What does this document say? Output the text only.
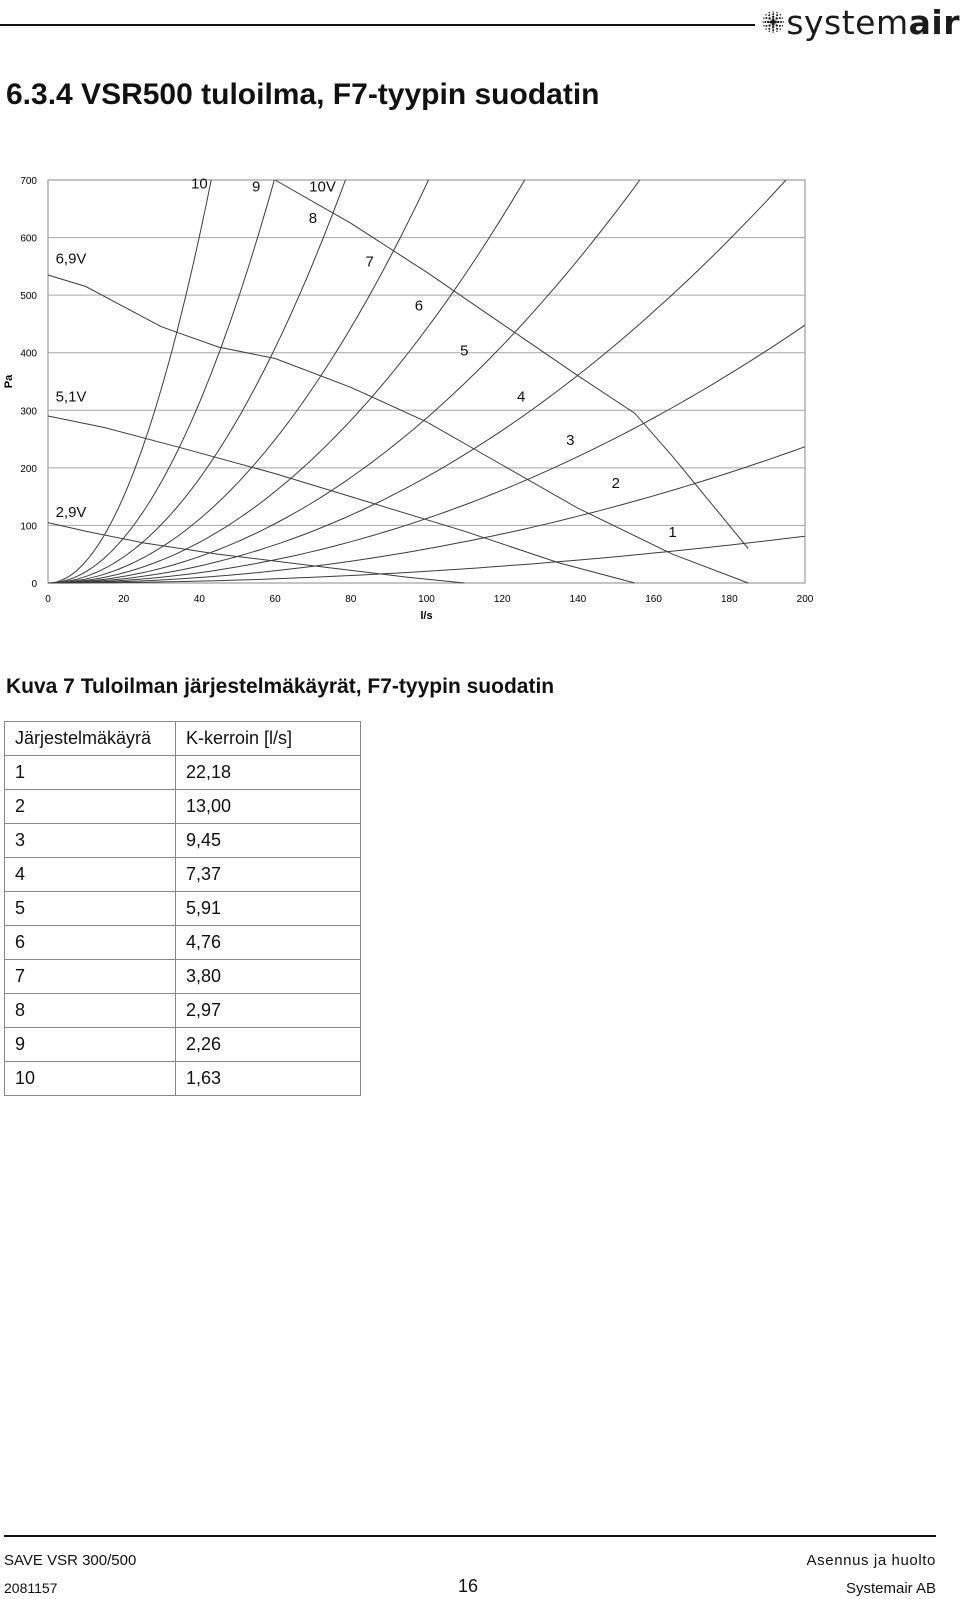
systemair
6.3.4 VSR500 tuloilma, F7-tyypin suodatin
0
100
200
300
400
500
600
700
0	20	40	60	80	100	120	140	160	180	200
1
2
3
4
5
6
7
8
9
10
2,9V
5,1V
6,9V
10V
Pa
l/s
Kuva 7 Tuloilman järjestelmäkäyrät, F7-tyypin suodatin
Järjestelmäkäyrä	K-kerroin [l/s]
1	22,18
2	13,00
3	9,45
4	7,37
5	5,91
6	4,76
7	3,80
8	2,97
9	2,26
10	1,63
SAVE VSR 300/500
2081157	16
Asennus ja huolto
Systemair AB
